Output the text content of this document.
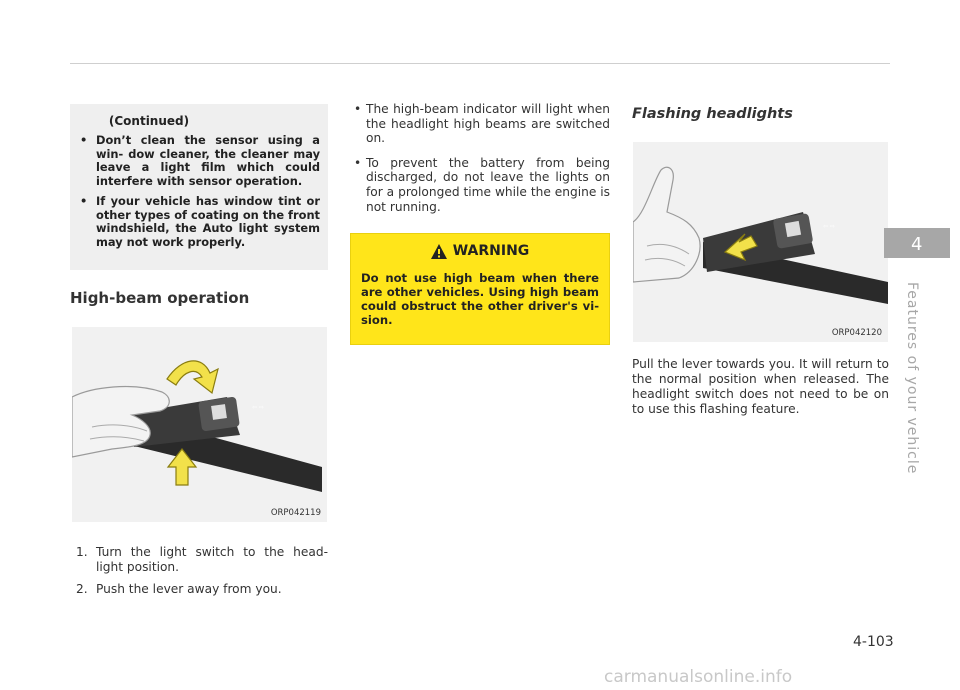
(Continued)
• Don’t clean the sensor using a win- dow cleaner, the cleaner may leave a light film which could interfere with sensor operation.
• If your vehicle has window tint or other types of coating on the front windshield, the Auto light system may not work properly.
High-beam operation
⇦ ⇨
ORP042119
1. Turn the light switch to the head- light position.
2. Push the lever away from you.
• The high-beam indicator will light when the headlight high beams are switched on.
• To prevent the battery from being discharged, do not leave the lights on for a prolonged time while the engine is not running.
WARNING
Do not use high beam when there are other vehicles. Using high beam could obstruct the other driver's vi- sion.
Flashing headlights
⇦ ⇨
ORP042120
Pull the lever towards you. It will return to the normal position when released. The headlight switch does not need to be on to use this flashing feature.
4
Features of your vehicle
4-103
carmanualsonline.info
